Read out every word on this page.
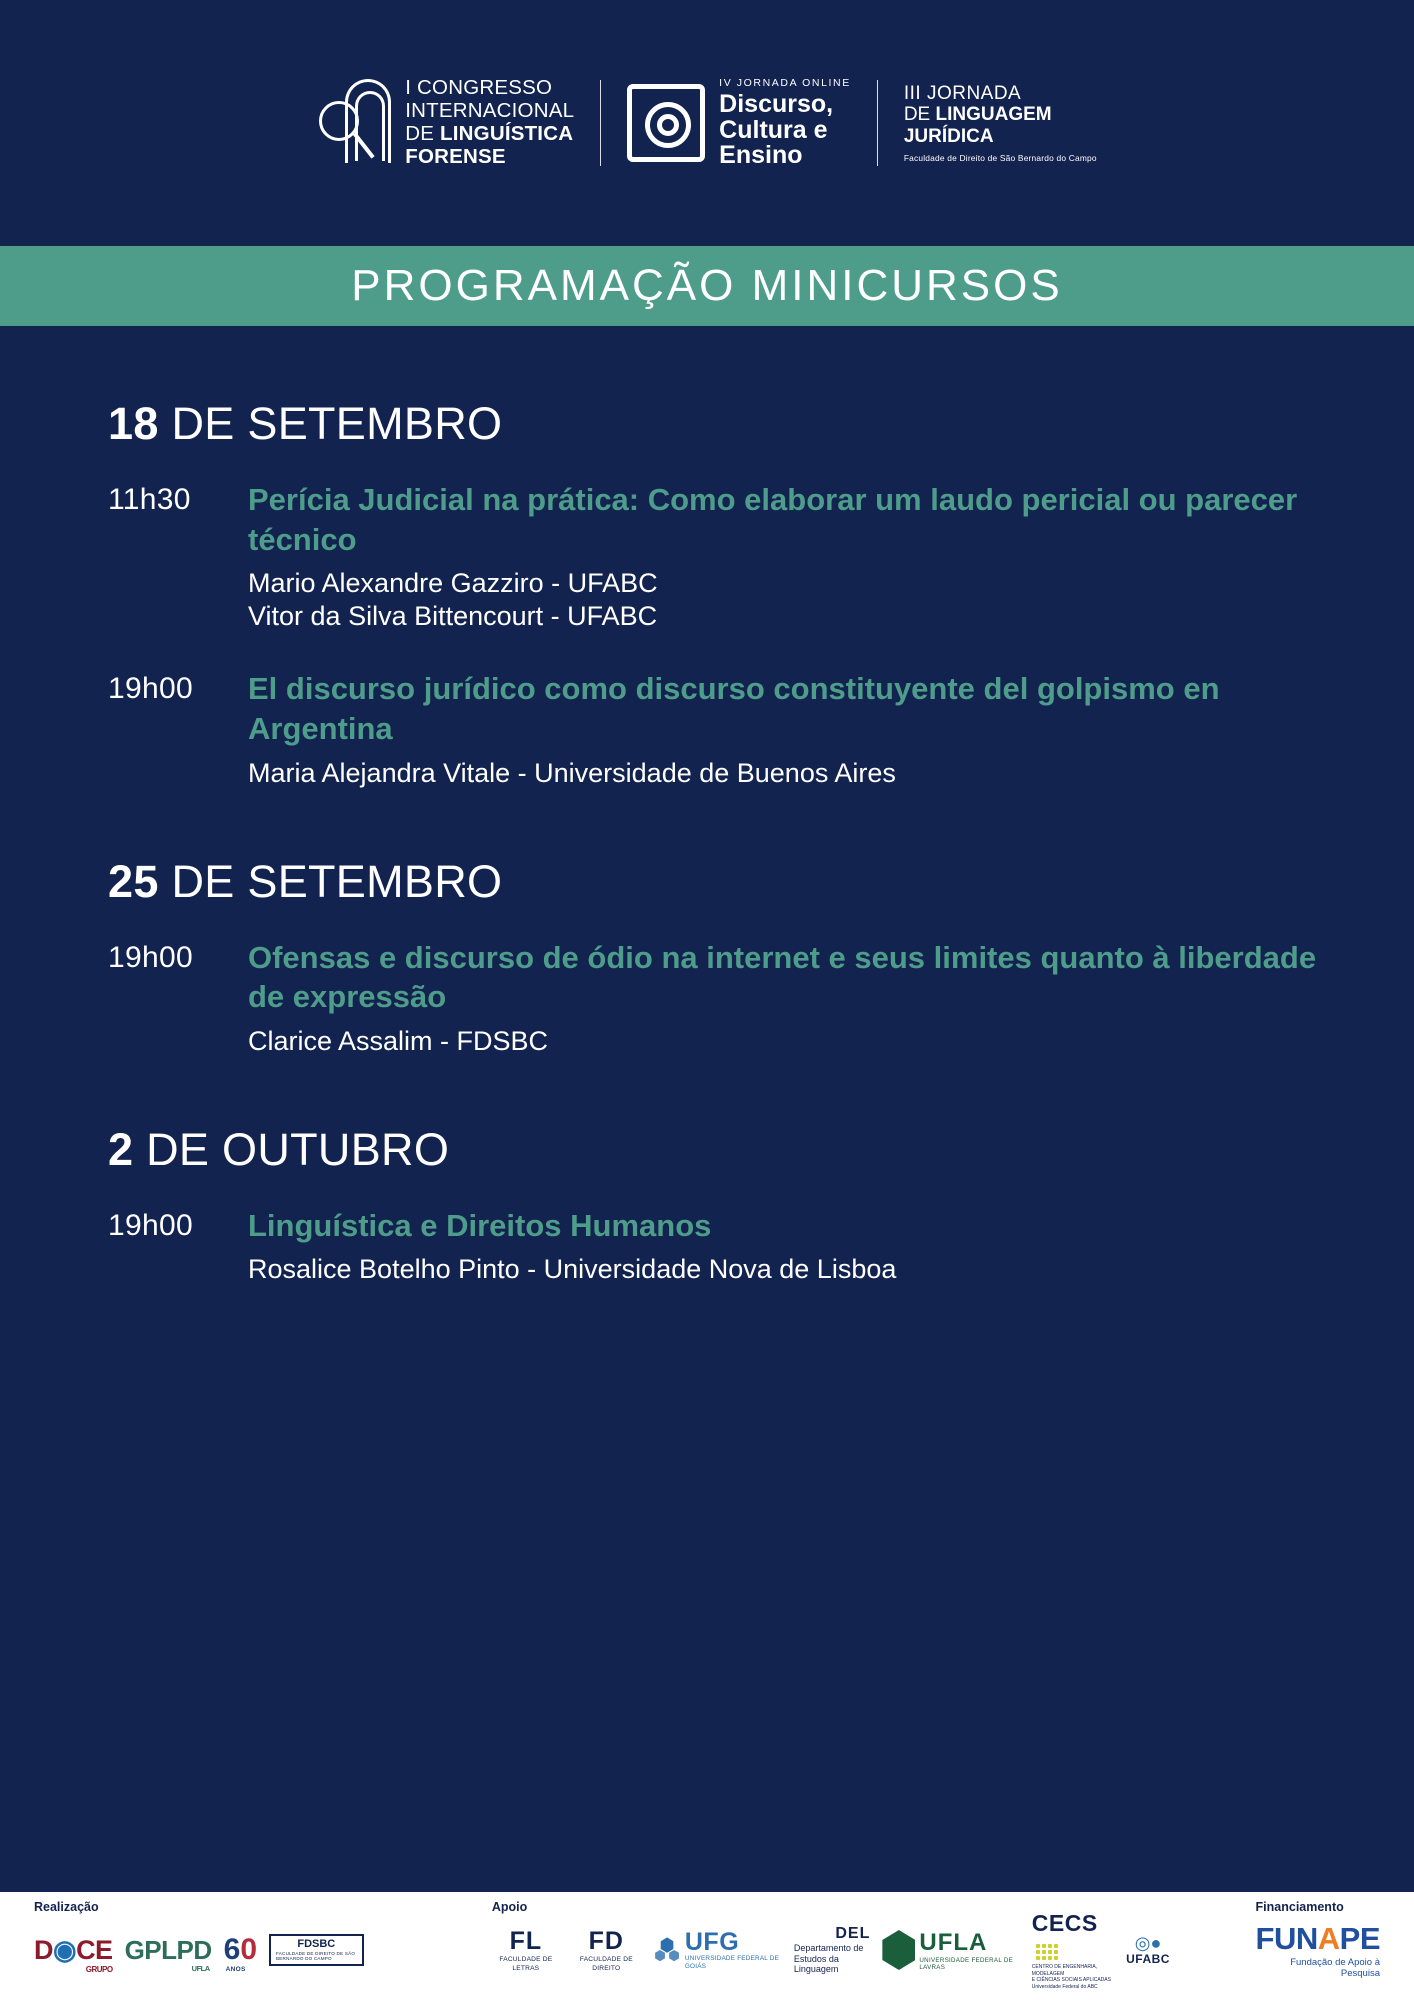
I CONGRESSO
INTERNACIONAL
DE LINGUÍSTICA
FORENSE
IV JORNADA ONLINE
Discurso,
Cultura e
Ensino
III JORNADA
DE LINGUAGEM
JURÍDICA
Faculdade de Direito de São Bernardo do Campo
PROGRAMAÇÃO MINICURSOS
18 DE SETEMBRO
11h30	Perícia Judicial na prática: Como elaborar um laudo pericial ou parecer técnico
Mario Alexandre Gazziro - UFABC
Vitor da Silva Bittencourt - UFABC
19h00	El discurso jurídico como discurso constituyente del golpismo en Argentina
Maria Alejandra Vitale - Universidade de Buenos Aires
25 DE SETEMBRO
19h00	Ofensas e discurso de ódio na internet e seus limites quanto à liberdade de expressão
Clarice Assalim - FDSBC
2 DE OUTUBRO
19h00	Linguística e Direitos Humanos
Rosalice Botelho Pinto - Universidade Nova de Lisboa
Realização
D◉CE
GRUPO
GPLPD
UFLA
60
ANOS
FDSBC
FACULDADE DE DIREITO DE SÃO BERNARDO DO CAMPO
Apoio
FL
FACULDADE DE LETRAS
FD
FACULDADE DE DIREITO
UFG
UNIVERSIDADE FEDERAL DE GOIÁS
DEL
Departamento de
Estudos da Linguagem
UFLA
UNIVERSIDADE FEDERAL DE LAVRAS
CECS
CENTRO DE ENGENHARIA, MODELAGEM
E CIÊNCIAS SOCIAIS APLICADAS
Universidade Federal do ABC
◎●
UFABC
Financiamento
FUNAPE
Fundação de Apoio à Pesquisa
